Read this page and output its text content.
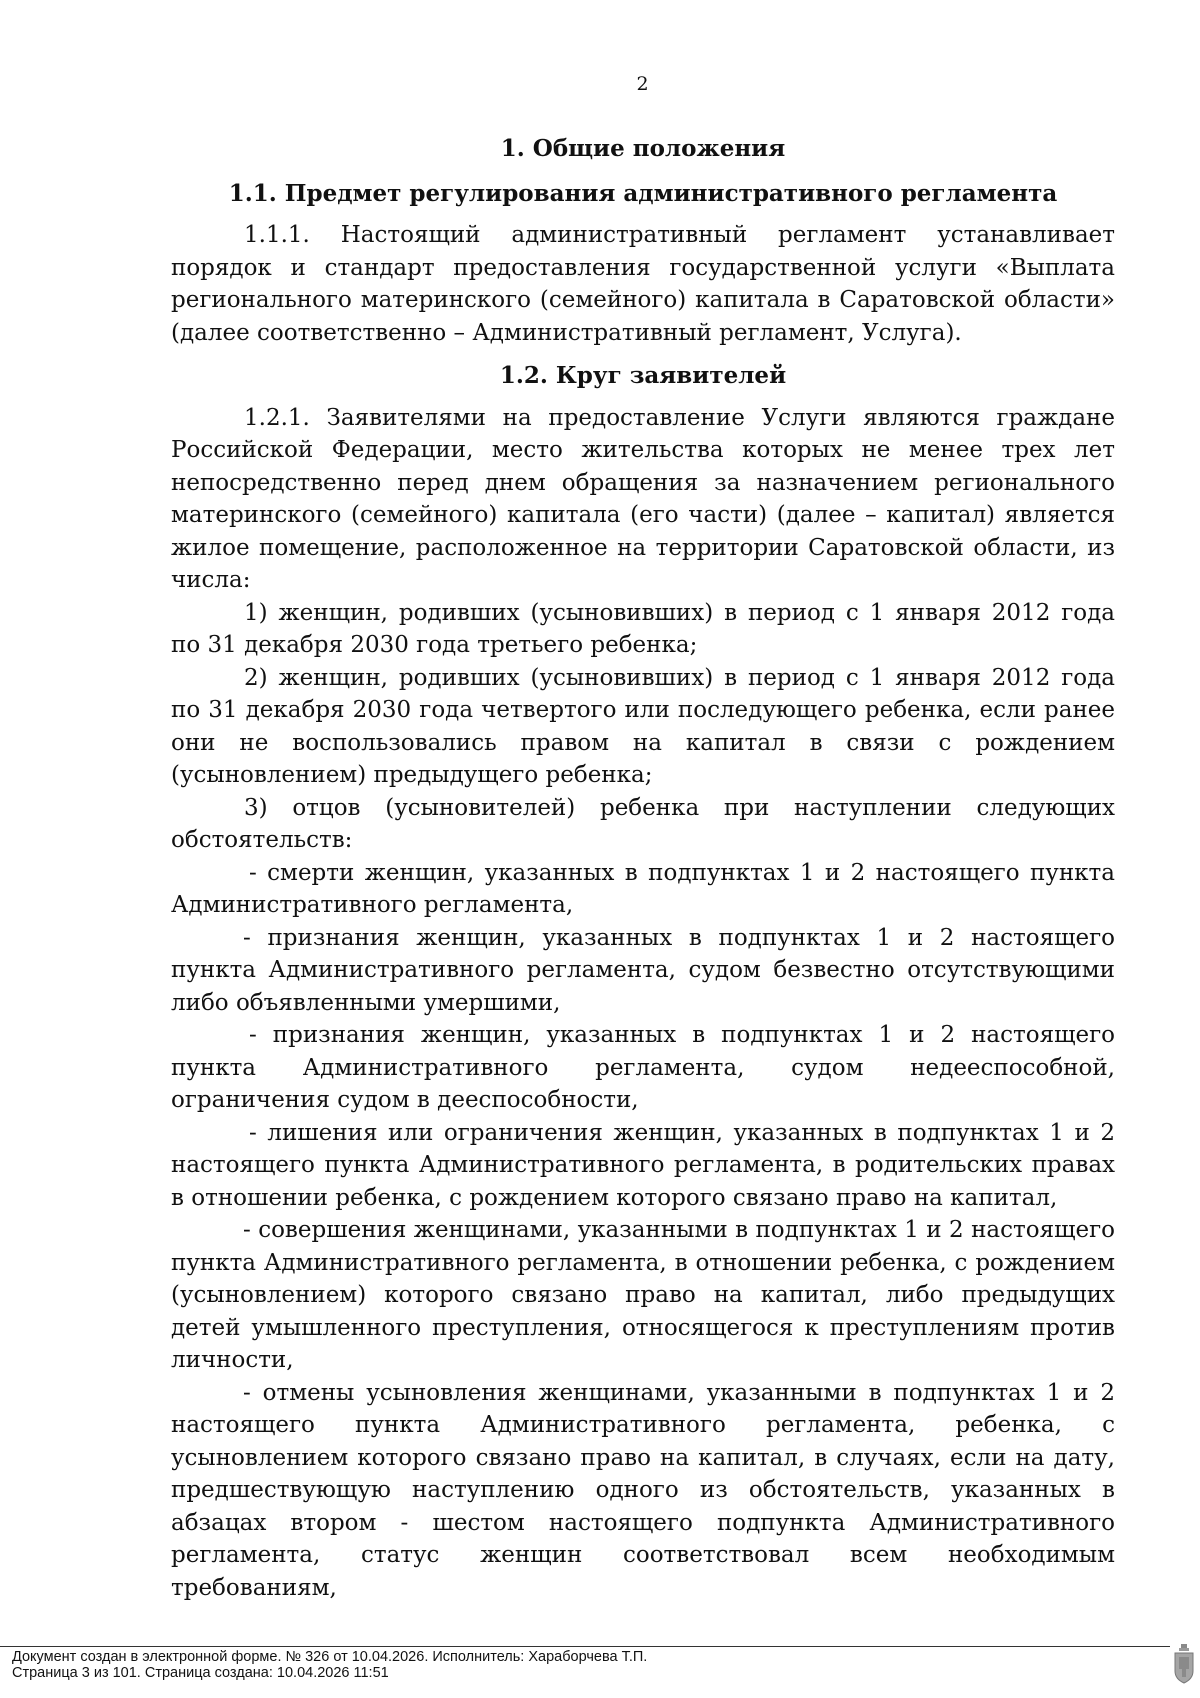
2
1. Общие положения
1.1. Предмет регулирования административного регламента

1.1.1. Настоящий административный регламент устанавливает порядок и стандарт предоставления государственной услуги «Выплата регионального материнского (семейного) капитала в Саратовской области» (далее соответственно – Административный регламент, Услуга).

1.2. Круг заявителей

1.2.1. Заявителями на предоставление Услуги являются граждане Российской Федерации, место жительства которых не менее трех лет непосредственно перед днем обращения за назначением регионального материнского (семейного) капитала (его части) (далее – капитал) является жилое помещение, расположенное на территории Саратовской области, из числа:

1) женщин, родивших (усыновивших) в период с 1 января 2012 года по 31 декабря 2030 года третьего ребенка;

2) женщин, родивших (усыновивших) в период с 1 января 2012 года по 31 декабря 2030 года четвертого или последующего ребенка, если ранее они не воспользовались правом на капитал в связи с рождением (усыновлением) предыдущего ребенка;

3) отцов (усыновителей) ребенка при наступлении следующих обстоятельств:

- смерти женщин, указанных в подпунктах 1 и 2 настоящего пункта Административного регламента,

- признания женщин, указанных в подпунктах 1 и 2 настоящего пункта Административного регламента, судом безвестно отсутствующими либо объявленными умершими,

- признания женщин, указанных в подпунктах 1 и 2 настоящего пункта Административного регламента, судом недееспособной, ограничения судом в дееспособности,

- лишения или ограничения женщин, указанных в подпунктах 1 и 2 настоящего пункта Административного регламента, в родительских правах в отношении ребенка, с рождением которого связано право на капитал,

- совершения женщинами, указанными в подпунктах 1 и 2 настоящего пункта Административного регламента, в отношении ребенка, с рождением (усыновлением) которого связано право на капитал, либо предыдущих детей умышленного преступления, относящегося к преступлениям против личности,

- отмены усыновления женщинами, указанными в подпунктах 1 и 2 настоящего пункта Административного регламента, ребенка, с усыновлением которого связано право на капитал, в случаях, если на дату, предшествующую наступлению одного из обстоятельств, указанных в абзацах втором - шестом настоящего подпункта Административного регламента, статус женщин соответствовал всем необходимым требованиям,

Документ создан в электронной форме. № 326 от 10.04.2026. Исполнитель: Хараборчева Т.П.
Страница 3 из 101. Страница создана: 10.04.2026 11:51
